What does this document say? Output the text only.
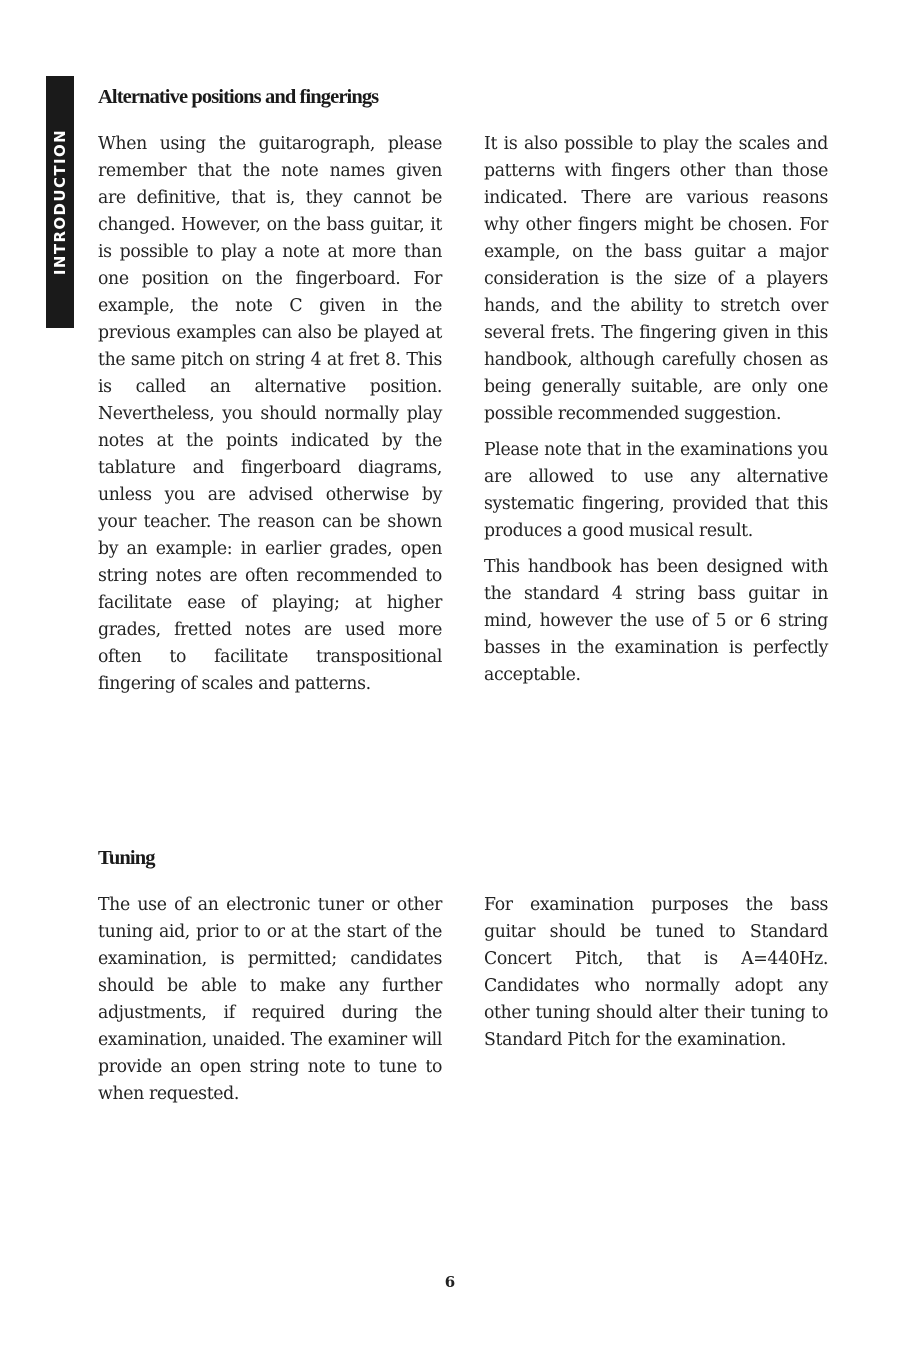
INTRODUCTION
Alternative positions and fingerings

When using the guitarograph, please remember that the note names given are definitive, that is, they cannot be changed. However, on the bass guitar, it is possible to play a note at more than one position on the fingerboard. For example, the note C given in the previous examples can also be played at the same pitch on string 4 at fret 8. This is called an alternative position. Nevertheless, you should normally play notes at the points indicated by the tablature and fingerboard diagrams, unless you are advised otherwise by your teacher. The reason can be shown by an example: in earlier grades, open string notes are often recommended to facilitate ease of playing; at higher grades, fretted notes are used more often to facilitate transpositional fingering of scales and patterns.

It is also possible to play the scales and patterns with fingers other than those indicated. There are various reasons why other fingers might be chosen. For example, on the bass guitar a major consideration is the size of a players hands, and the ability to stretch over several frets. The fingering given in this handbook, although carefully chosen as being generally suitable, are only one possible recommended suggestion.

Please note that in the examinations you are allowed to use any alternative systematic fingering, provided that this produces a good musical result.

This handbook has been designed with the standard 4 string bass guitar in mind, however the use of 5 or 6 string basses in the examination is perfectly acceptable.

Tuning

The use of an electronic tuner or other tuning aid, prior to or at the start of the examination, is permitted; candidates should be able to make any further adjustments, if required during the examination, unaided. The examiner will provide an open string note to tune to when requested.

For examination purposes the bass guitar should be tuned to Standard Concert Pitch, that is A=440Hz. Candidates who normally adopt any other tuning should alter their tuning to Standard Pitch for the examination.

6
